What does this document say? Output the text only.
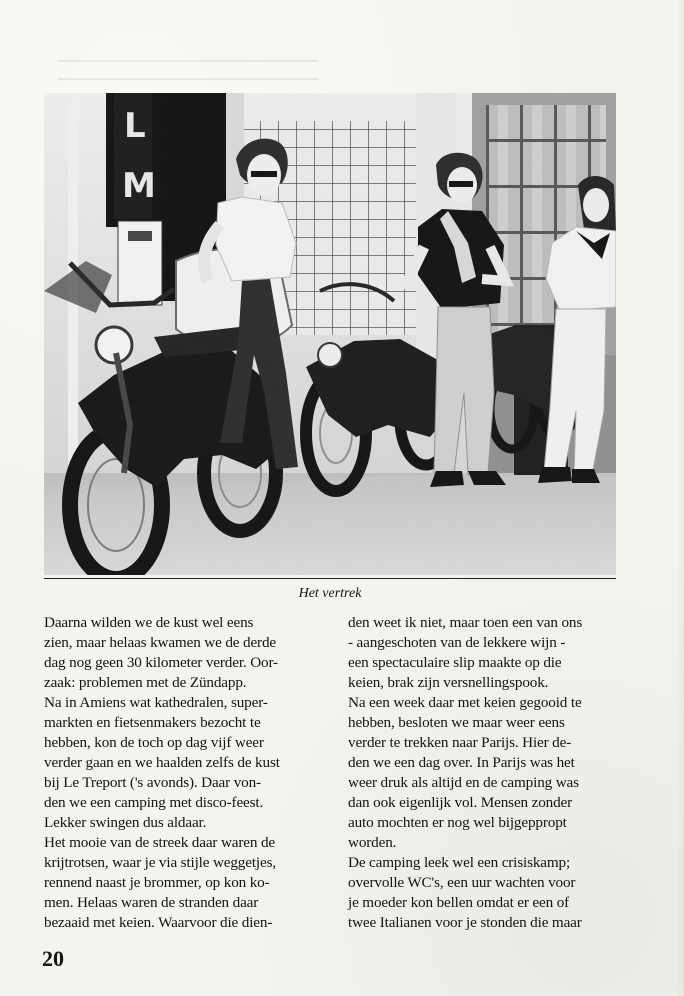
Het vertrek
Daarna wilden we de kust wel eens
zien, maar helaas kwamen we de derde
dag nog geen 30 kilometer verder. Oor-
zaak: problemen met de Zündapp.
Na in Amiens wat kathedralen, super-
markten en fietsenmakers bezocht te
hebben, kon de toch op dag vijf weer
verder gaan en we haalden zelfs de kust
bij Le Treport ('s avonds). Daar von-
den we een camping met disco-feest.
Lekker swingen dus aldaar.
Het mooie van de streek daar waren de
krijtrotsen, waar je via stijle weggetjes,
rennend naast je brommer, op kon ko-
men. Helaas waren de stranden daar
bezaaid met keien. Waarvoor die dien-
den weet ik niet, maar toen een van ons
- aangeschoten van de lekkere wijn -
een spectaculaire slip maakte op die
keien, brak zijn versnellingspook.
Na een week daar met keien gegooid te
hebben, besloten we maar weer eens
verder te trekken naar Parijs. Hier de-
den we een dag over. In Parijs was het
weer druk als altijd en de camping was
dan ook eigenlijk vol. Mensen zonder
auto mochten er nog wel bijgeppropt
worden.
De camping leek wel een crisiskamp;
overvolle WC's, een uur wachten voor
je moeder kon bellen omdat er een of
twee Italianen voor je stonden die maar
20
